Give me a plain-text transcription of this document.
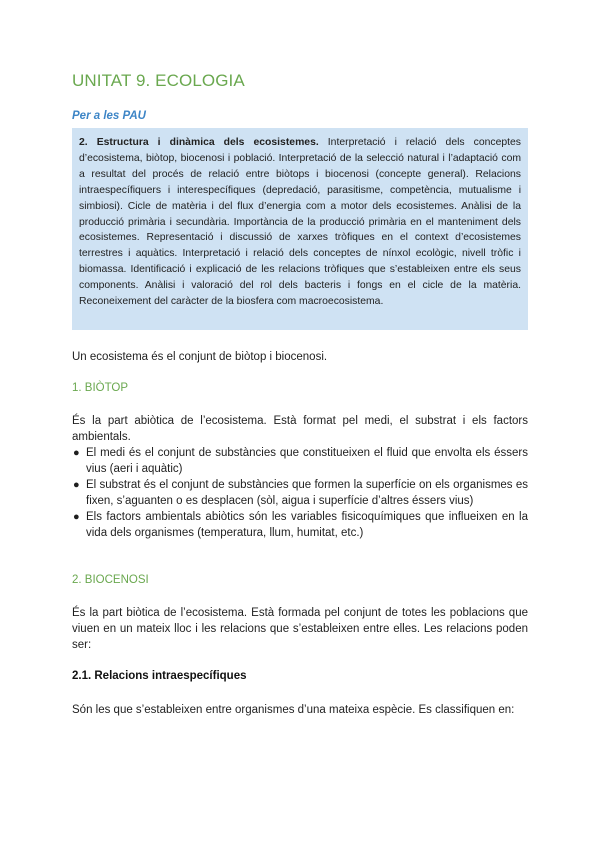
UNITAT 9. ECOLOGIA
Per a les PAU
2. Estructura i dinàmica dels ecosistemes. Interpretació i relació dels conceptes d’ecosistema, biòtop, biocenosi i població. Interpretació de la selecció natural i l’adaptació com a resultat del procés de relació entre biòtops i biocenosi (concepte general). Relacions intraespecífiquers i interespecífiques (depredació, parasitisme, competència, mutualisme i simbiosi). Cicle de matèria i del flux d’energia com a motor dels ecosistemes. Anàlisi de la producció primària i secundària. Importància de la producció primària en el manteniment dels ecosistemes. Representació i discussió de xarxes tròfiques en el context d’ecosistemes terrestres i aquàtics. Interpretació i relació dels conceptes de nínxol ecològic, nivell tròfic i biomassa. Identificació i explicació de les relacions tròfiques que s’estableixen entre els seus components. Anàlisi i valoració del rol dels bacteris i fongs en el cicle de la matèria. Reconeixement del caràcter de la biosfera com macroecosistema.

Un ecosistema és el conjunt de biòtop i biocenosi.

1. BIÒTOP

És la part abiòtica de l’ecosistema. Està format pel medi, el substrat i els factors ambientals.

● El medi és el conjunt de substàncies que constitueixen el fluid que envolta els éssers vius (aeri i aquàtic)
● El substrat és el conjunt de substàncies que formen la superfície on els organismes es fixen, s’aguanten o es desplacen (sòl, aigua i superfície d’altres éssers vius)
● Els factors ambientals abiòtics són les variables fisicoquímiques que influeixen en la vida dels organismes (temperatura, llum, humitat, etc.)
2. BIOCENOSI

És la part biòtica de l’ecosistema. Està formada pel conjunt de totes les poblacions que viuen en un mateix lloc i les relacions que s’estableixen entre elles. Les relacions poden ser:

2.1. Relacions intraespecífiques

Són les que s’estableixen entre organismes d’una mateixa espècie. Es classifiquen en:
